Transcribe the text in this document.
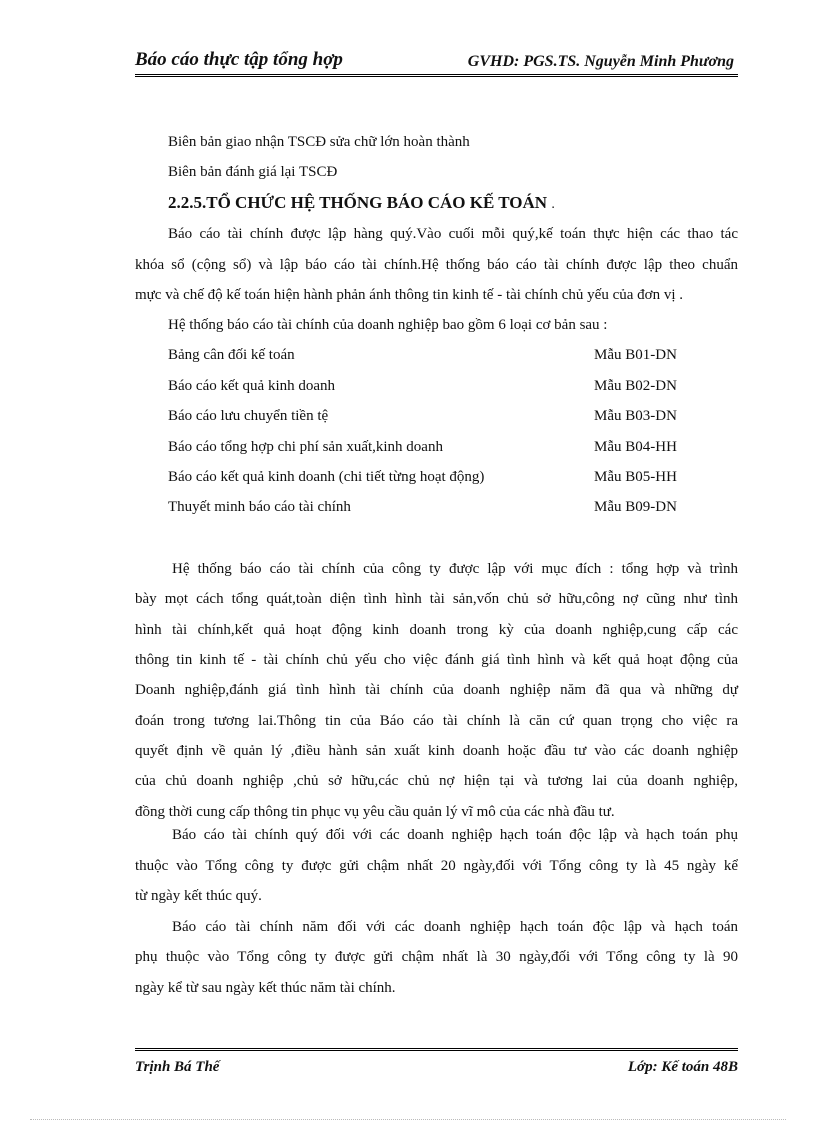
Báo cáo thực tập tổng hợp	GVHD: PGS.TS. Nguyễn Minh Phương
Biên bản giao nhận TSCĐ sửa chữ lớn hoàn thành
Biên bản đánh giá lại TSCĐ
2.2.5.TỔ CHỨC HỆ THỐNG BÁO CÁO KẾ TOÁN .
Báo cáo tài chính được lập hàng quý.Vào cuối mỗi quý,kế toán thực hiện các thao tác
khóa sổ (cộng sổ) và lập báo cáo tài chính.Hệ thống báo cáo tài chính được lập theo chuẩn
mực và chế độ kế toán hiện hành phản ánh thông tin kinh tế - tài chính chủ yếu của đơn vị .
Hệ thống báo cáo tài chính của doanh nghiệp bao gồm 6 loại cơ bản sau :
Bảng cân đối kế toán	Mẫu B01-DN
Báo cáo kết quả kinh doanh	Mẫu B02-DN
Báo cáo lưu chuyển tiền tệ	Mẫu B03-DN
Báo cáo tổng hợp chi phí sản xuất,kinh doanh	Mẫu B04-HH
Báo cáo kết quả kinh doanh (chi tiết từng hoạt động)	Mẫu B05-HH
Thuyết minh báo cáo tài chính	Mẫu B09-DN
Hệ thống báo cáo tài chính của công ty được lập với mục đích : tổng hợp và trình
bày mọt cách tổng quát,toàn diện tình hình tài sản,vốn chủ sở hữu,công nợ cũng như tình
hình tài chính,kết quả hoạt động kinh doanh trong kỳ của doanh nghiệp,cung cấp các
thông tin kinh tế - tài chính chủ yếu cho việc đánh giá tình hình và kết quả hoạt động của
Doanh nghiệp,đánh giá tình hình tài chính của doanh nghiệp năm đã qua và những dự
đoán trong tương lai.Thông tin của Báo cáo tài chính là căn cứ quan trọng cho việc ra
quyết định về quản lý ,điều hành sản xuất kinh doanh hoặc đầu tư vào các doanh nghiệp
của chủ doanh nghiệp ,chủ sở hữu,các chủ nợ hiện tại và tương lai của doanh nghiệp,
đồng thời cung cấp thông tin phục vụ yêu cầu quản lý vĩ mô của các nhà đầu tư.
Báo cáo tài chính quý đối với các doanh nghiệp hạch toán độc lập và hạch toán phụ
thuộc vào Tổng công ty được gửi chậm nhất 20 ngày,đối với Tổng công ty là 45 ngày kể
từ ngày kết thúc quý.
Báo cáo tài chính năm đối với các doanh nghiệp hạch toán độc lập và hạch toán
phụ thuộc vào Tổng công ty được gửi chậm nhất là 30 ngày,đối với Tổng công ty là 90
ngày kể từ sau ngày kết thúc năm tài chính.
Trịnh Bá Thế	Lớp: Kế toán 48B
